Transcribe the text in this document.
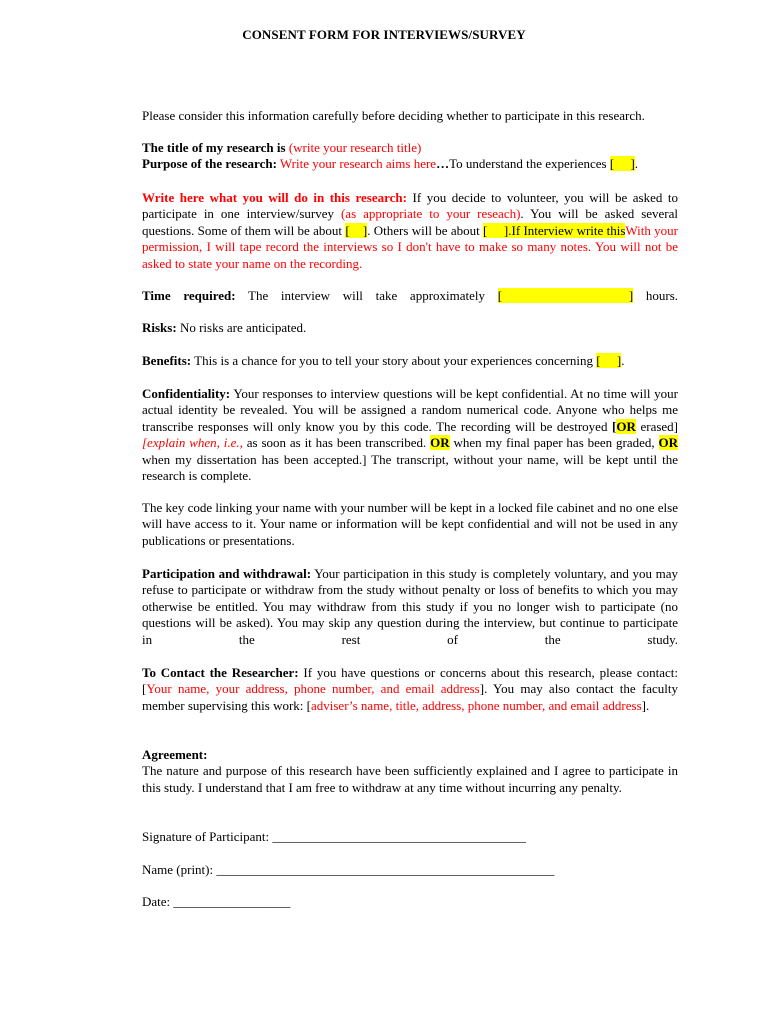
CONSENT FORM FOR INTERVIEWS/SURVEY

Please consider this information carefully before deciding whether to participate in this research.

The title of my research is (write your research title)

Purpose of the research: Write your research aims here…To understand the experiences [     ].

Write here what you will do in this research: If you decide to volunteer, you will be asked to participate in one interview/survey (as appropriate to your reseach). You will be asked several questions. Some of them will be about [    ]. Others will be about [     ].If Interview write thisWith your permission, I will tape record the interviews so I don't have to make so many notes. You will not be asked to state your name on the recording.

Time required: The interview will take approximately [          ] hours.

Risks: No risks are anticipated.

Benefits: This is a chance for you to tell your story about your experiences concerning [     ].

Confidentiality: Your responses to interview questions will be kept confidential. At no time will your actual identity be revealed. You will be assigned a random numerical code. Anyone who helps me transcribe responses will only know you by this code. The recording will be destroyed [OR erased] [explain when, i.e., as soon as it has been transcribed. OR when my final paper has been graded, OR when my dissertation has been accepted.] The transcript, without your name, will be kept until the research is complete.

The key code linking your name with your number will be kept in a locked file cabinet and no one else will have access to it. Your name or information will be kept confidential and will not be used in any publications or presentations.

Participation and withdrawal: Your participation in this study is completely voluntary, and you may refuse to participate or withdraw from the study without penalty or loss of benefits to which you may otherwise be entitled. You may withdraw from this study if you no longer wish to participate (no questions will be asked). You may skip any question during the interview, but continue to participate in the rest of the study.

To Contact the Researcher: If you have questions or concerns about this research, please contact: [Your name, your address, phone number, and email address]. You may also contact the faculty member supervising this work: [adviser’s name, title, address, phone number, and email address].

Agreement:

The nature and purpose of this research have been sufficiently explained and I agree to participate in this study. I understand that I am free to withdraw at any time without incurring any penalty.

Signature of Participant: _______________________________________

Name (print): ____________________________________________________

Date: __________________
